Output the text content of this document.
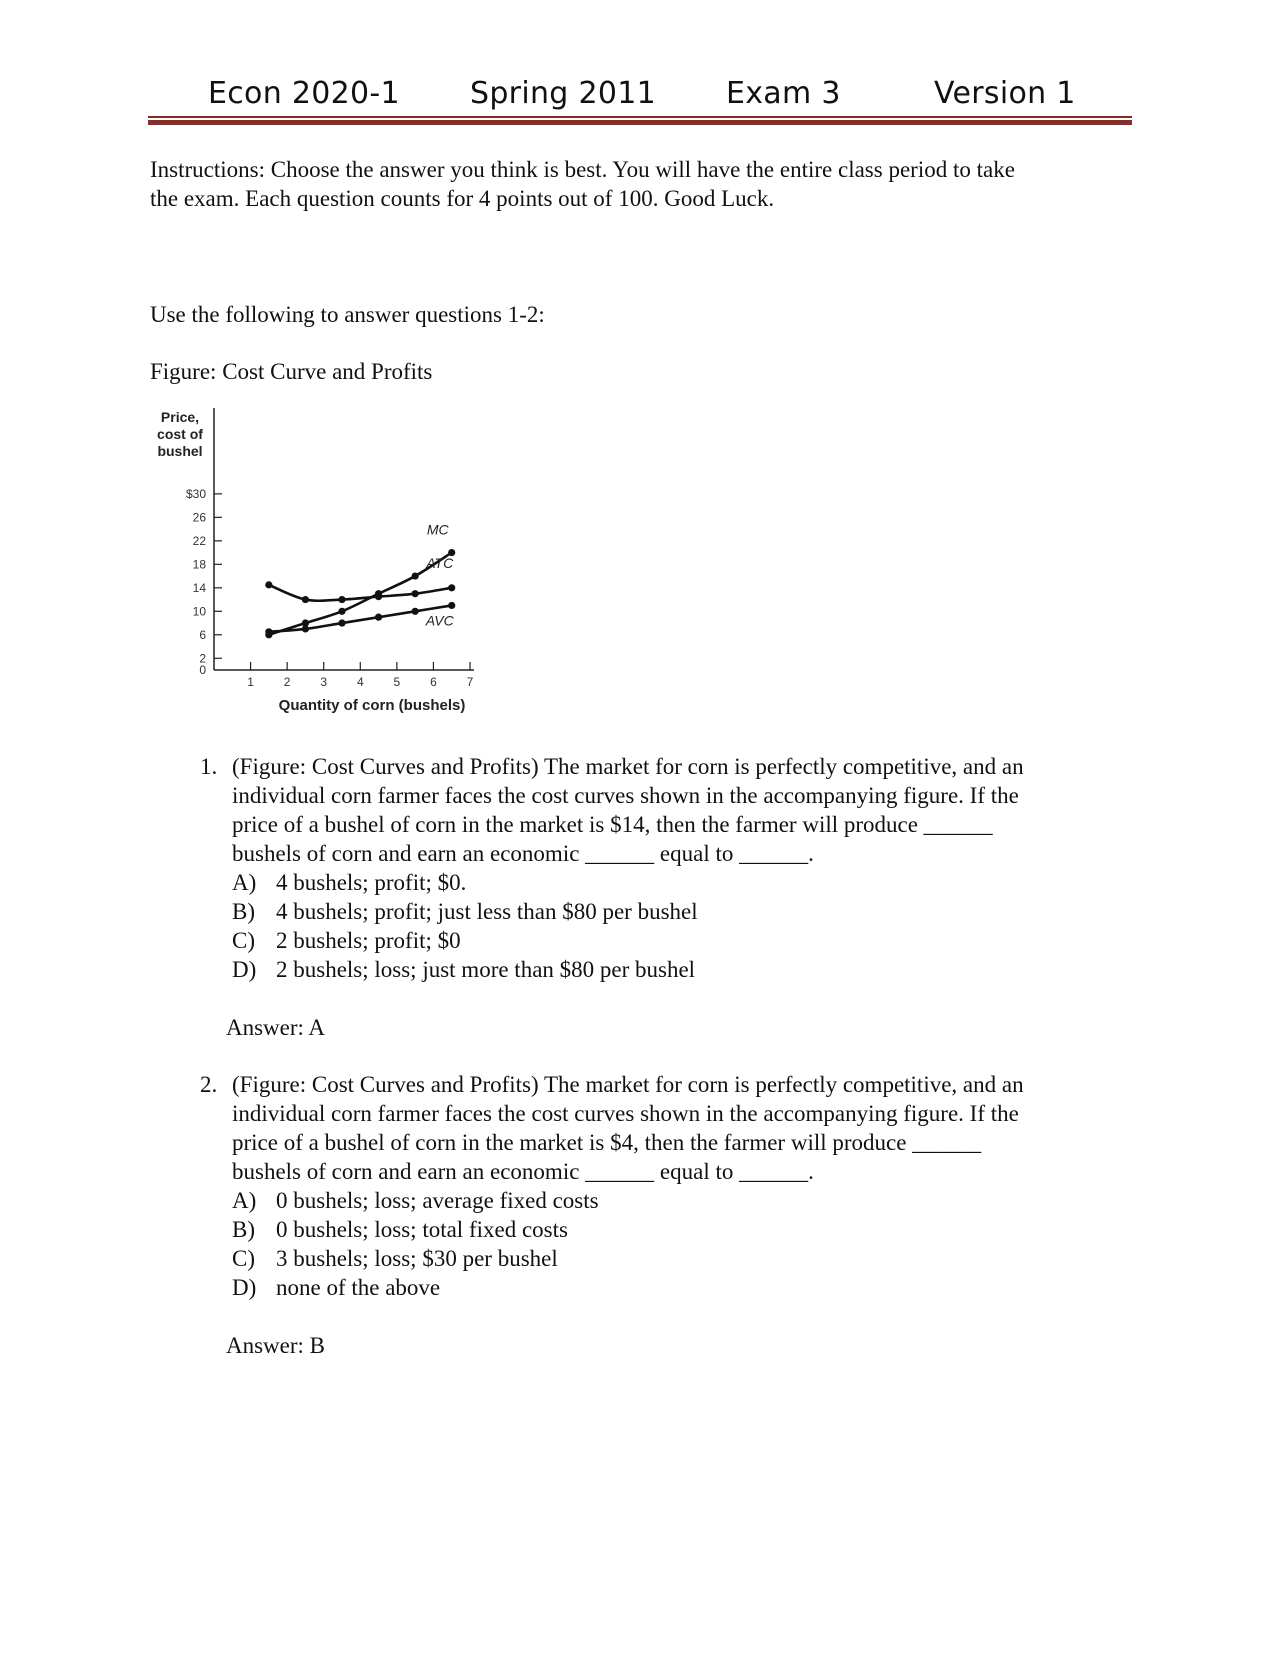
Econ 2020-1 Spring 2011 Exam 3	Version 1
Instructions: Choose the answer you think is best. You will have the entire class period to take
the exam. Each question counts for 4 points out of 100. Good Luck.
Use the following to answer questions 1-2:
Figure: Cost Curve and Profits
Price,
cost of
bushel
$30
26
22
18
14
10
6
2
0
1 2 3 4 5 6 7
Quantity of corn (bushels)
MC
ATC
AVC
1. (Figure: Cost Curves and Profits) The market for corn is perfectly competitive, and an
individual corn farmer faces the cost curves shown in the accompanying figure. If the
price of a bushel of corn in the market is $14, then the farmer will produce ______
bushels of corn and earn an economic ______ equal to ______.
A) 4 bushels; profit; $0.
B) 4 bushels; profit; just less than $80 per bushel
C) 2 bushels; profit; $0
D) 2 bushels; loss; just more than $80 per bushel
Answer: A
2. (Figure: Cost Curves and Profits) The market for corn is perfectly competitive, and an
individual corn farmer faces the cost curves shown in the accompanying figure. If the
price of a bushel of corn in the market is $4, then the farmer will produce ______
bushels of corn and earn an economic ______ equal to ______.
A) 0 bushels; loss; average fixed costs
B) 0 bushels; loss; total fixed costs
C) 3 bushels; loss; $30 per bushel
D) none of the above
Answer: B
